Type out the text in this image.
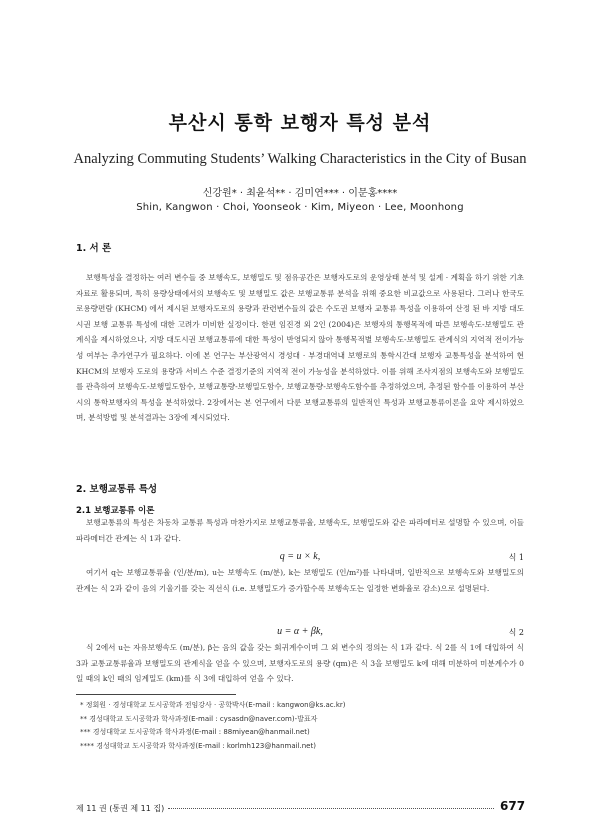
부산시 통학 보행자 특성 분석
Analyzing Commuting Students’ Walking Characteristics in the City of Busan
신강원* · 최윤석** · 김미연*** · 이문홍****
Shin, Kangwon · Choi, Yoonseok · Kim, Miyeon · Lee, Moonhong
1. 서 론
보행특성을 결정하는 여러 변수들 중 보행속도, 보행밀도 및 점유공간은 보행자도로의 운영상태 분석 및 설계 · 계획을 하기 위한 기초자료로 활용되며, 특히 용량상태에서의 보행속도 및 보행밀도 값은 보행교통류 분석을 위해 중요한 비교값으로 사용된다. 그러나 한국도로용량편람 (KHCM) 에서 제시된 보행자도로의 용량과 관련변수들의 값은 수도권 보행자 교통류 특성을 이용하여 산정 된 바 지방 대도시권 보행 교통류 특성에 대한 고려가 미비한 실정이다. 한편 임진경 외 2인 (2004)은 보행자의 통행목적에 따른 보행속도-보행밀도 관계식을 제시하였으나, 지방 대도시권 보행교통류에 대한 특성이 반영되지 않아 통행목적별 보행속도-보행밀도 관계식의 지역적 전이가능성 여부는 추가연구가 필요하다. 이에 본 연구는 부산광역시 경성대 · 부경대역내 보행로의 통학시간대 보행자 교통특성을 분석하여 현 KHCM의 보행자 도로의 용량과 서비스 수준 결정기준의 지역적 전이 가능성을 분석하였다. 이를 위해 조사지점의 보행속도와 보행밀도를 관측하여 보행속도-보행밀도함수, 보행교통량-보행밀도함수, 보행교통량-보행속도함수를 추정하였으며, 추정된 함수를 이용하여 부산시의 통학보행자의 특성을 분석하였다. 2장에서는 본 연구에서 다룬 보행교통류의 일반적인 특성과 보행교통류이론을 요약 제시하였으며, 분석방법 및 분석결과는 3장에 제시되었다.
2. 보행교통류 특성
2.1 보행교통류 이론
보행교통류의 특성은 차동차 교통류 특성과 마찬가지로 보행교통류율, 보행속도, 보행밀도와 같은 파라메터로 설명할 수 있으며, 이들 파라메터간 관계는 식 1과 같다.
q = u × k,	식 1
여기서 q는 보행교통류율 (인/분/m), u는 보행속도 (m/분), k는 보행밀도 (인/m²)를 나타내며, 일반적으로 보행속도와 보행밀도의 관계는 식 2과 같이 음의 기울기를 갖는 직선식 (i.e. 보행밀도가 증가할수록 보행속도는 일정한 변화율로 감소)으로 설명된다.
u = α + βk,	식 2
식 2에서 u는 자유보행속도 (m/분), β는 음의 값을 갖는 회귀계수이며 그 외 변수의 정의는 식 1과 같다. 식 2를 식 1에 대입하여 식 3과 교통교통류율과 보행밀도의 관계식을 얻을 수 있으며, 보행자도로의 용량 (qm)은 식 3을 보행밀도 k에 대해 미분하여 미분계수가 0일 때의 k인 때의 임계밀도 (km)를 식 3에 대입하여 얻을 수 있다.
* 정회원 · 경성대학교 도시공학과 전임강사 · 공학박사(E-mail : kangwon@ks.ac.kr)
** 경성대학교 도시공학과 학사과정(E-mail : cysasdn@naver.com)-발표자
*** 경성대학교 도시공학과 학사과정(E-mail : 88miyean@hanmail.net)
**** 경성대학교 도시공학과 학사과정(E-mail : korlmh123@hanmail.net)
제 11 권 (통권 제 11 집)	677
